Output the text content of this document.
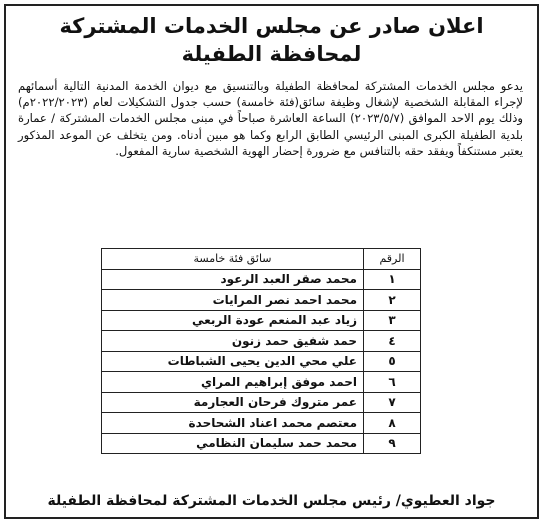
اعلان صادر عن مجلس الخدمات المشتركة
لمحافظة الطفيلة

يدعو مجلس الخدمات المشتركة لمحافظة الطفيلة وبالتنسيق مع ديوان الخدمة المدنية التالية أسمائهم لإجراء المقابلة الشخصية لإشغال وظيفة سائق(فئة خامسة) حسب جدول التشكيلات لعام (٢٠٢٢/٢٠٢٣م) وذلك يوم الاحد الموافق (٢٠٢٣/٥/٧) الساعة العاشرة صباحاً في مبنى مجلس الخدمات المشتركة / عمارة بلدية الطفيلة الكبرى المبنى الرئيسي الطابق الرابع وكما هو مبين أدناه. ومن يتخلف عن الموعد المذكور يعتبر مستنكفاً ويفقد حقه بالتنافس مع ضرورة إحضار الهوية الشخصية سارية المفعول.

الرقم	سائق فئة خامسة
١	محمد صقر العبد الرعود
٢	محمد احمد نصر المرايات
٣	زياد عبد المنعم عودة الربعي
٤	حمد شفيق حمد زنون
٥	علي محي الدين يحيى الشباطات
٦	احمد موفق إبراهيم المراي
٧	عمر متروك فرحان العجارمة
٨	معتصم محمد اعناد الشحاحدة
٩	محمد حمد سليمان النظامي

جواد العطيوي/ رئيس مجلس الخدمات المشتركة لمحافظة الطفيلة
